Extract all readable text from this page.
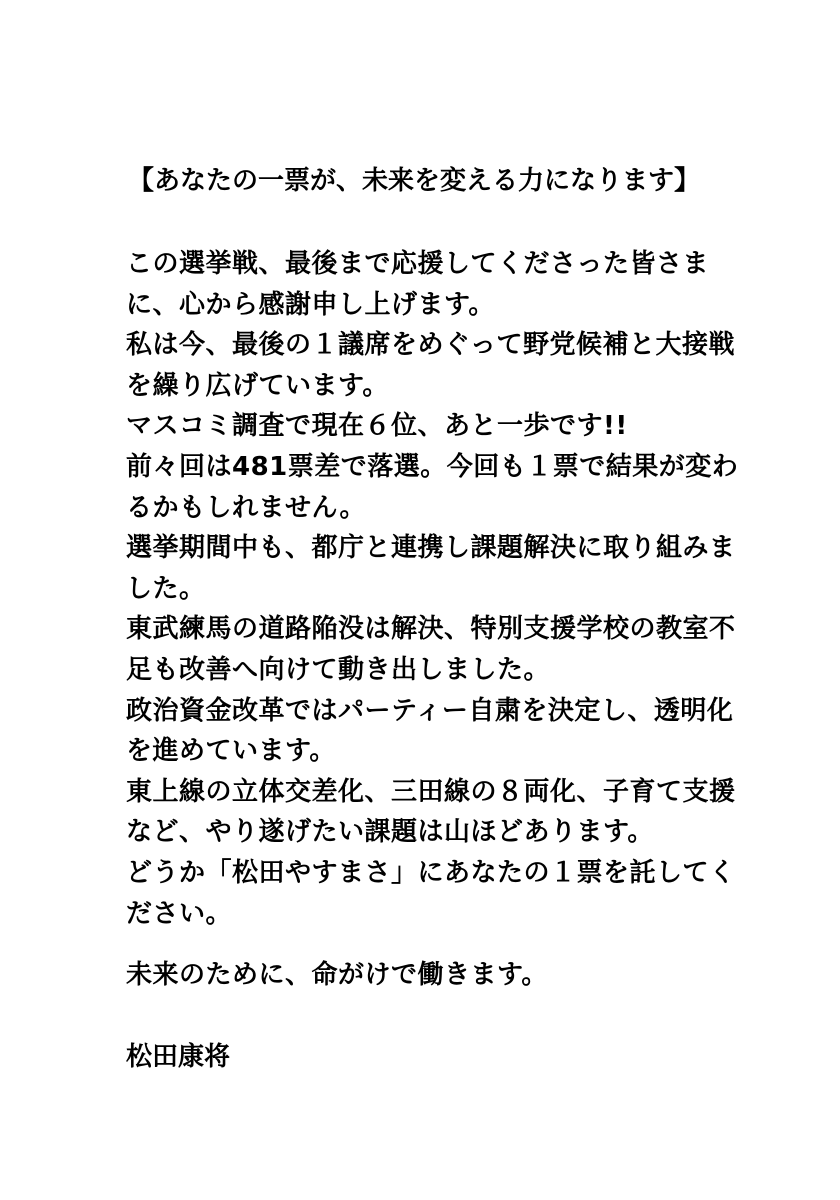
【あなたの一票が、未来を変える力になります】
この選挙戦、最後まで応援してくださった皆さま
に、心から感謝申し上げます。
私は今、最後の１議席をめぐって野党候補と大接戦
を繰り広げています。
マスコミ調査で現在６位、あと一歩です!!
前々回は481票差で落選。今回も１票で結果が変わ
るかもしれません。
選挙期間中も、都庁と連携し課題解決に取り組みま
した。
東武練馬の道路陥没は解決、特別支援学校の教室不
足も改善へ向けて動き出しました。
政治資金改革ではパーティー自粛を決定し、透明化
を進めています。
東上線の立体交差化、三田線の８両化、子育て支援
など、やり遂げたい課題は山ほどあります。
どうか「松田やすまさ」にあなたの１票を託してく
ださい。
未来のために、命がけで働きます。
松田康将
